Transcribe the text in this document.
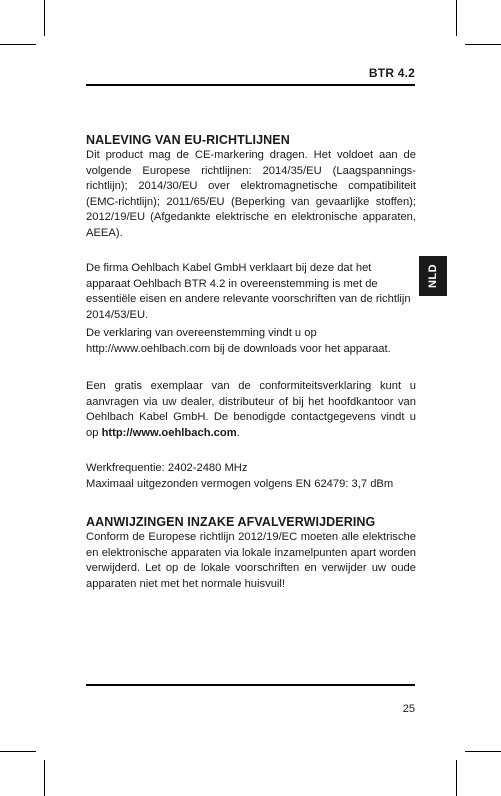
BTR 4.2
NLD
NALEVING VAN EU-RICHTLIJNEN

Dit product mag de CE-markering dragen. Het voldoet aan de volgende Europese richtlijnen: 2014/35/EU (Laagspannings-richtlijn); 2014/30/EU over elektromagnetische compatibiliteit (EMC-richtlijn); 2011/65/EU (Beperking van gevaarlijke stoffen); 2012/19/EU (Afgedankte elektrische en elektronische apparaten, AEEA).

De firma Oehlbach Kabel GmbH verklaart bij deze dat het apparaat Oehlbach BTR 4.2 in overeenstemming is met de essentiële eisen en andere relevante voorschriften van de richtlijn 2014/53/EU.

De verklaring van overeenstemming vindt u op http://www.oehlbach.com bij de downloads voor het apparaat.

Een gratis exemplaar van de conformiteitsverklaring kunt u aanvragen via uw dealer, distributeur of bij het hoofdkantoor van Oehlbach Kabel GmbH. De benodigde contactgegevens vindt u op http://www.oehlbach.com.

Werkfrequentie: 2402-2480 MHz

Maximaal uitgezonden vermogen volgens EN 62479: 3,7 dBm

AANWIJZINGEN INZAKE AFVALVERWIJDERING

Conform de Europese richtlijn 2012/19/EC moeten alle elektrische en elektronische apparaten via lokale inzamelpunten apart worden verwijderd. Let op de lokale voorschriften en verwijder uw oude apparaten niet met het normale huisvuil!

25
